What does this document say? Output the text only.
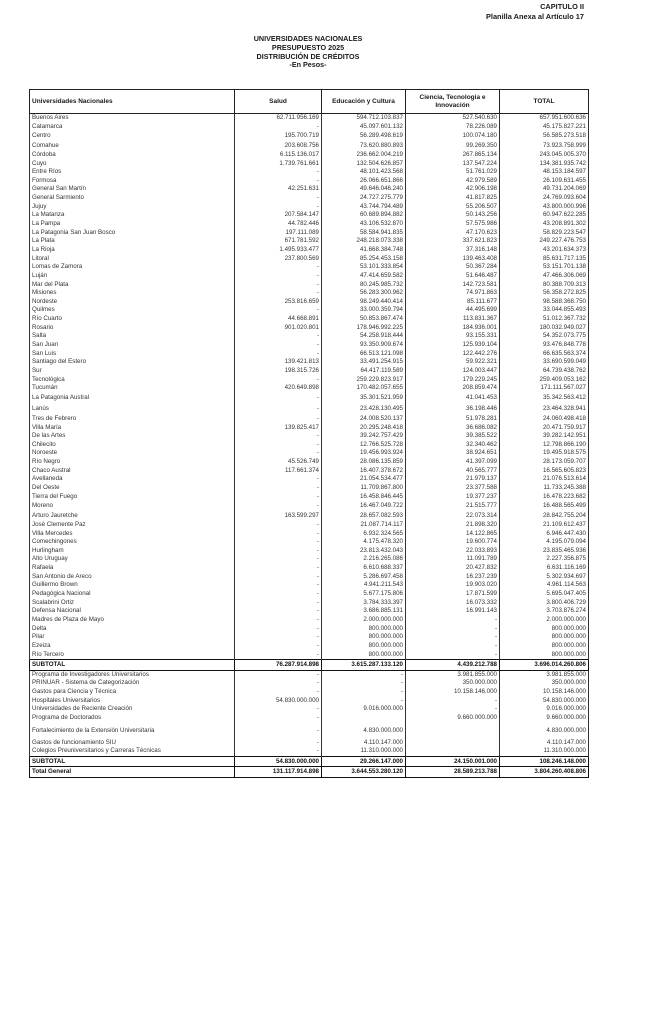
CAPITULO II
Planilla Anexa al Artículo 17
UNIVERSIDADES NACIONALES
PRESUPUESTO 2025
DISTRIBUCIÓN DE CRÉDITOS
-En Pesos-
Universidades Nacionales	Salud	Educación y Cultura	Ciencia, Tecnologia e Innovación	TOTAL
Buenos Aires	62.711.956.169	594.712.103.837	527.540.630	657.951.600.636
Catamarca	-	45.097.601.132	78.226.089	45.175.827.221
Centro	195.700.719	56.289.498.619	100.074.180	56.585.273.518
Comahue	203.608.756	73.620.880.893	99.269.350	73.923.758.999
Córdoba	6.115.136.017	236.662.004.219	267.865.134	243.045.005.370
Cuyo	1.739.761.661	132.504.626.857	137.547.224	134.381.935.742
Entre Ríos	-	48.101.423.568	51.761.029	48.153.184.597
Formosa	-	26.066.651.866	42.979.589	26.109.631.455
General San Martín	42.251.631	49.646.046.240	42.906.198	49.731.204.069
General Sarmiento	-	24.727.275.779	41.817.825	24.769.093.604
Jujuy	-	43.744.794.489	55.206.507	43.800.000.996
La Matanza	207.584.147	60.689.894.882	50.143.256	60.947.622.285
La Pampa	44.782.446	43.106.532.870	57.575.986	43.208.891.302
La Patagonia San Juan Bosco	197.111.089	58.584.941.835	47.170.623	58.829.223.547
La Plata	671.781.592	248.218.073.338	337.621.823	249.227.476.753
La Rioja	1.495.933.477	41.668.384.748	37.316.148	43.201.634.373
Litoral	237.800.569	85.254.453.158	139.463.408	85.631.717.135
Lomas de Zamora	-	53.101.333.854	50.367.284	53.151.701.138
Luján	-	47.414.659.582	51.646.487	47.466.306.069
Mar del Plata	-	80.245.985.732	142.723.581	80.388.709.313
Misiones	-	56.283.300.962	74.971.863	56.358.272.825
Nordeste	253.816.659	98.249.440.414	85.111.677	98.588.368.750
Quilmes	-	33.000.359.794	44.495.699	33.044.855.493
Río Cuarto	44.668.891	50.853.867.474	113.831.367	51.012.367.732
Rosario	901.020.801	178.946.992.225	184.936.001	180.032.949.027
Salta	-	54.258.918.444	93.155.331	54.352.073.775
San Juan	-	93.350.909.674	125.939.104	93.476.848.778
San Luis	-	66.513.121.098	122.442.276	66.635.563.374
Santiago del Estero	139.421.813	33.491.254.915	59.922.321	33.690.599.049
Sur	198.315.726	64.417.119.589	124.003.447	64.739.438.762
Tecnológica	-	259.229.823.917	179.229.245	259.409.053.162
Tucumán	420.649.898	170.482.057.655	208.859.474	171.111.567.027
La Patagonia Austral	-	35.301.521.959	41.041.453	35.342.563.412
Lanús	-	23.428.130.495	36.198.446	23.464.328.941
Tres de Febrero	-	24.008.520.137	51.978.281	24.060.498.418
Villa María	139.825.417	20.295.248.418	36.686.082	20.471.759.917
De las Artes	-	39.242.757.429	39.385.522	39.282.142.951
Chilecito	-	12.766.525.728	32.340.462	12.798.866.190
Noroeste	-	19.456.993.924	38.924.651	19.495.918.575
Río Negro	45.526.749	28.086.135.859	41.397.099	28.173.059.707
Chaco Austral	117.661.374	16.407.378.672	40.565.777	16.565.605.823
Avellaneda	-	21.054.534.477	21.979.137	21.076.513.614
Del Oeste	-	11.709.867.800	23.377.588	11.733.245.388
Tierra del Fuego	-	16.458.846.445	19.377.237	16.478.223.682
Moreno	-	16.467.049.722	21.515.777	16.488.565.499
Arturo Jauretche	163.599.297	28.657.082.593	22.073.314	28.842.755.204
José Clemente Paz	-	21.087.714.117	21.898.320	21.109.612.437
Villa Mercedes	-	6.932.324.565	14.122.865	6.946.447.430
Comechingones	-	4.175.478.320	19.600.774	4.195.079.094
Hurlingham	-	23.813.432.043	22.033.893	23.835.465.936
Alto Uruguay	-	2.216.265.086	11.091.789	2.227.356.875
Rafaela	-	6.610.688.337	20.427.832	6.631.116.169
San Antonio de Areco	-	5.286.697.458	16.237.239	5.302.934.697
Guillermo Brown	-	4.941.211.543	19.903.020	4.961.114.563
Pedagógica Nacional	-	5.677.175.806	17.871.599	5.695.047.405
Scalabrini Ortiz	-	3.784.333.397	16.073.332	3.800.406.729
Defensa Nacional	-	3.686.885.131	16.991.143	3.703.876.274
Madres de Plaza de Mayo	-	2.000.000.000	-	2.000.000.000
Delta	-	800.000.000	-	800.000.000
Pilar	-	800.000.000	-	800.000.000
Ezeiza	-	800.000.000	-	800.000.000
Río Tercero	-	800.000.000	-	800.000.000
SUBTOTAL	76.287.914.898	3.615.287.133.120	4.439.212.788	3.696.014.260.806
Programa de Investigadores Universitarios	-	-	3.981.855.000	3.981.855.000
PRINUAR - Sistema de Categorización	-	-	350.000.000	350.000.000
Gastos para Ciencia y Técnica	-	-	10.158.146.000	10.158.146.000
Hospitales Universitarios	54.830.000.000	-	-	54.830.000.000
Universidades de Reciente Creación	-	9.016.000.000	-	9.016.000.000
Programa de Doctorados	-		9.660.000.000	9.660.000.000
Fortalecimiento de la Extensión Universitaria	-	4.830.000.000		4.830.000.000
Gastos de funcionamiento SIU	-	4.110.147.000		4.110.147.000
Colegios Preuniversitarios y Carreras Técnicas	-	11.310.000.000		11.310.000.000
SUBTOTAL	54.830.000.000	29.266.147.000	24.150.001.000	108.246.148.000
Total General	131.117.914.898	3.644.553.280.120	28.589.213.788	3.804.260.408.806
